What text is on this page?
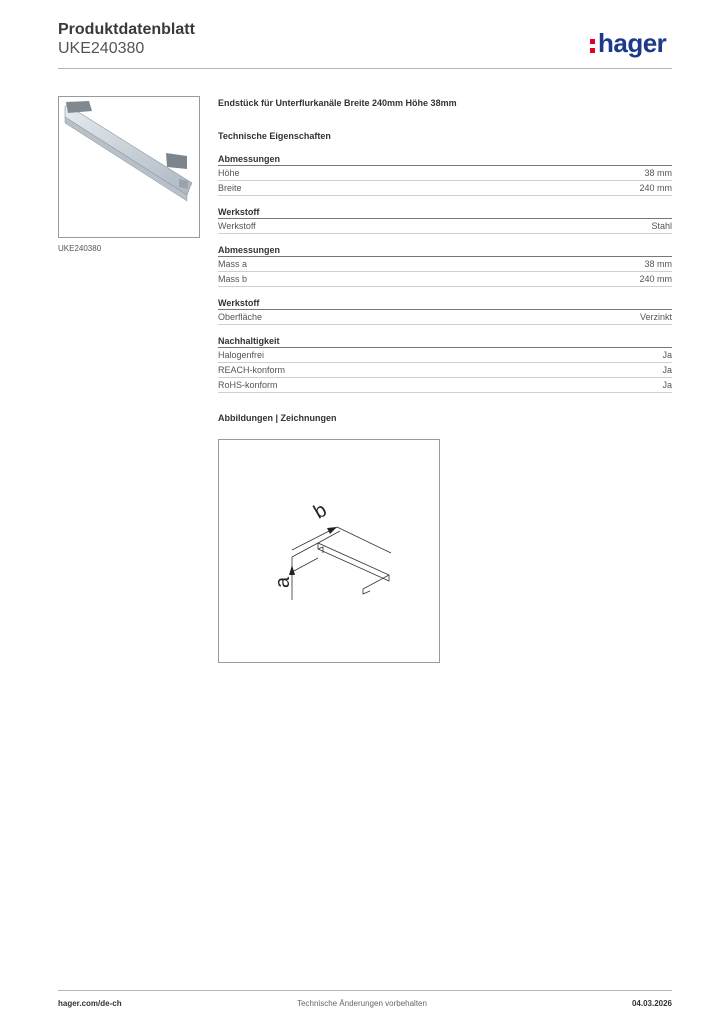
Produktdatenblatt
UKE240380	hager
UKE240380
Endstück für Unterflurkanäle Breite 240mm Höhe 38mm
Technische Eigenschaften
Abmessungen
Höhe	38 mm
Breite	240 mm
Werkstoff
Werkstoff	Stahl
Abmessungen
Mass a	38 mm
Mass b	240 mm
Werkstoff
Oberfläche	Verzinkt
Nachhaltigkeit
Halogenfrei	Ja
REACH-konform	Ja
RoHS-konform	Ja
Abbildungen | Zeichnungen
b
a
hager.com/de-ch	Technische Änderungen vorbehalten	04.03.2026
